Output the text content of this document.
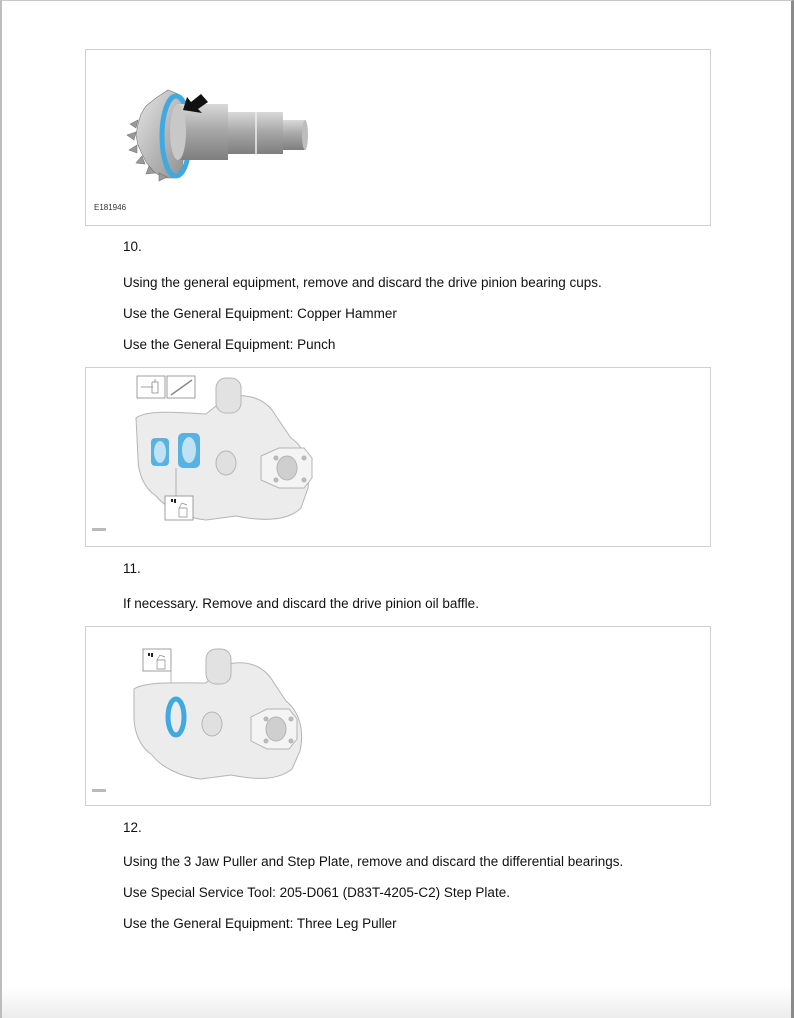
E181946
10.
Using the general equipment, remove and discard the drive pinion bearing cups.
Use the General Equipment: Copper Hammer
Use the General Equipment: Punch
11.
If necessary. Remove and discard the drive pinion oil baffle.
12.
Using the 3 Jaw Puller and Step Plate, remove and discard the differential bearings.
Use Special Service Tool: 205-D061 (D83T-4205-C2) Step Plate.
Use the General Equipment: Three Leg Puller
